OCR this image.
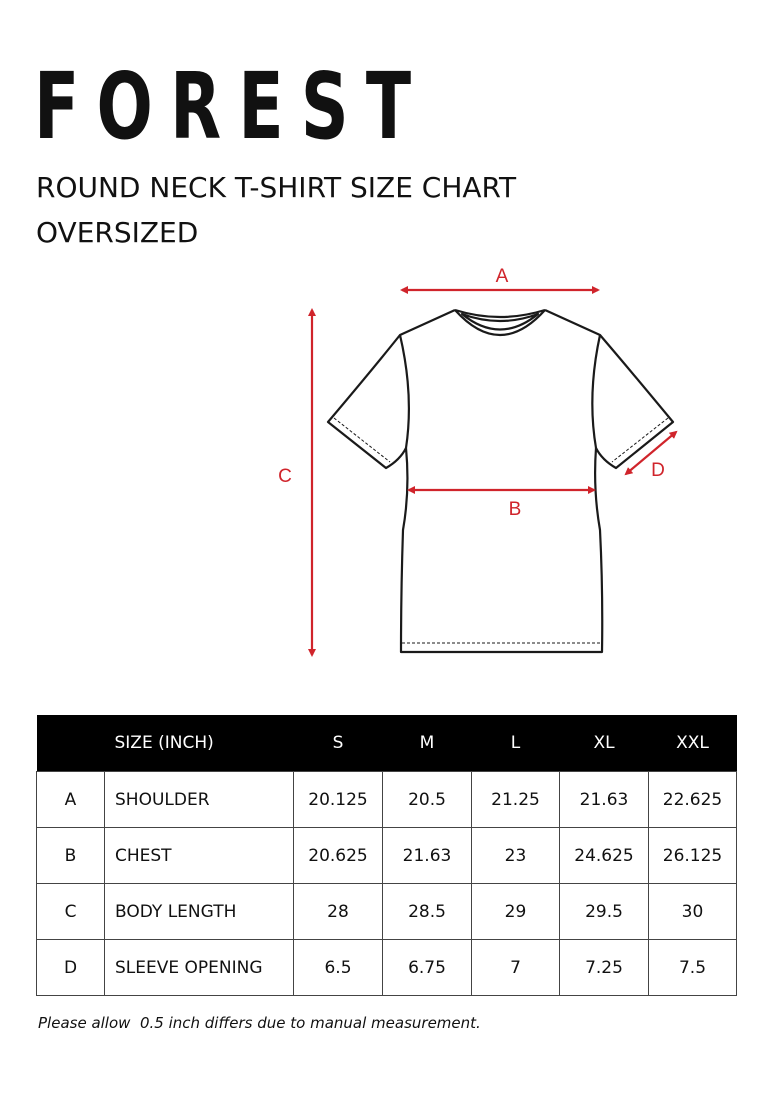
FOREST
ROUND NECK T-SHIRT SIZE CHART
OVERSIZED
A
B
C	D
	SIZE (INCH)	S	M	L	XL	XXL
A	SHOULDER	20.125	20.5	21.25	21.63	22.625
B	CHEST	20.625	21.63	23	24.625	26.125
C	BODY LENGTH	28	28.5	29	29.5	30
D	SLEEVE OPENING	6.5	6.75	7	7.25	7.5

Please allow  0.5 inch differs due to manual measurement.
